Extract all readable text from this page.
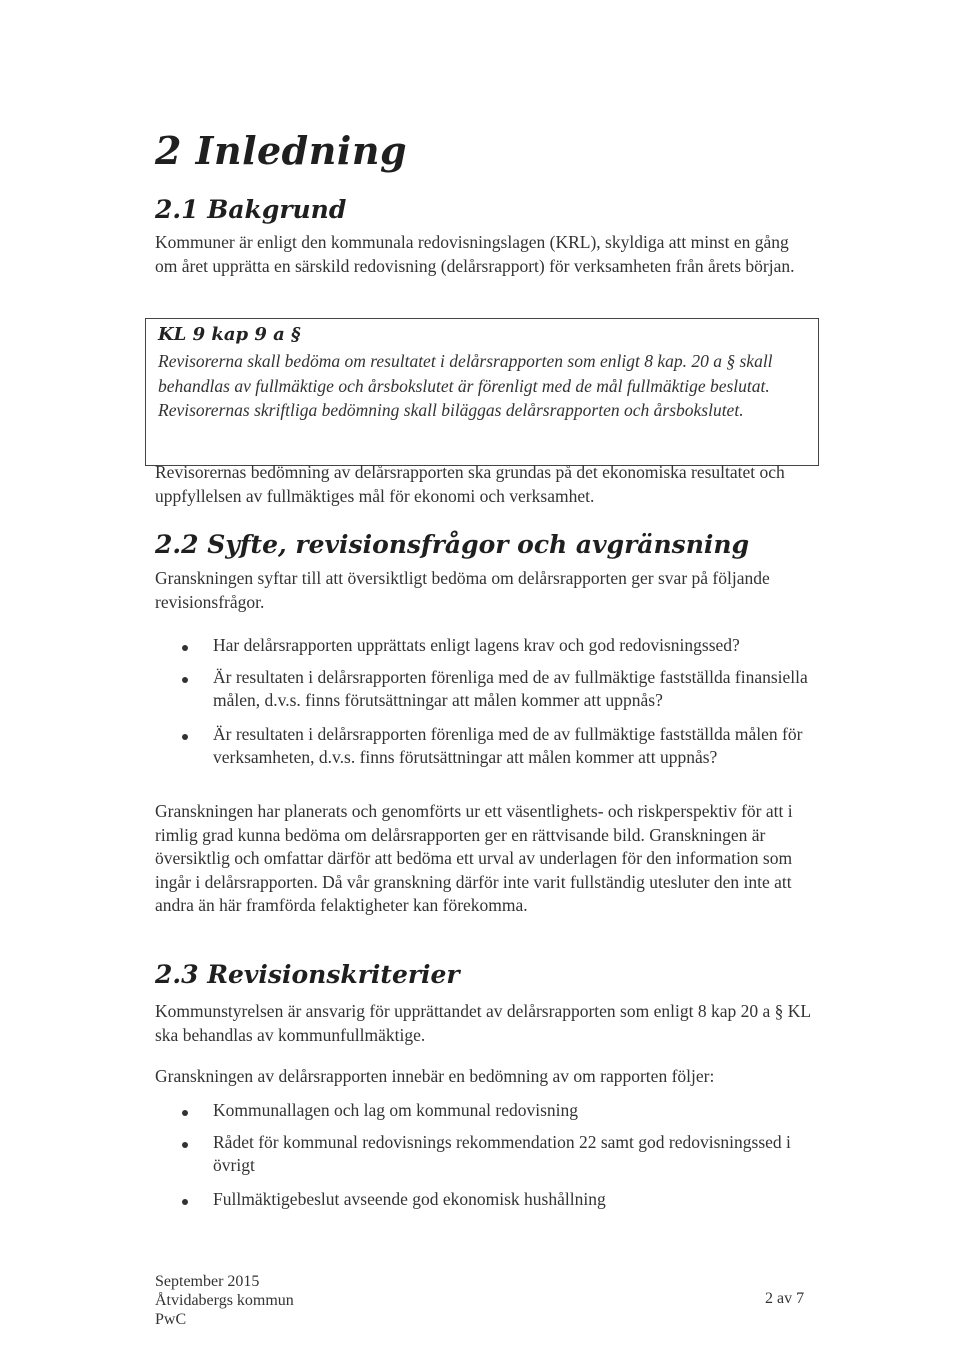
2 Inledning
2.1 Bakgrund

Kommuner är enligt den kommunala redovisningslagen (KRL), skyldiga att minst en gång om året upprätta en särskild redovisning (delårsrapport) för verksamheten från årets början.

KL 9 kap 9 a §

Revisorerna skall bedöma om resultatet i delårsrapporten som enligt 8 kap. 20 a § skall behandlas av fullmäktige och årsbokslutet är förenligt med de mål fullmäktige beslutat. Revisorernas skriftliga bedömning skall biläggas delårsrapporten och årsbokslutet.

Revisorernas bedömning av delårsrapporten ska grundas på det ekonomiska resultatet och uppfyllelsen av fullmäktiges mål för ekonomi och verksamhet.

2.2 Syfte, revisionsfrågor och avgränsning

Granskningen syftar till att översiktligt bedöma om delårsrapporten ger svar på följande revisionsfrågor.

Har delårsrapporten upprättats enligt lagens krav och god redovisningssed?
Är resultaten i delårsrapporten förenliga med de av fullmäktige fastställda finansiella målen, d.v.s. finns förutsättningar att målen kommer att uppnås?
Är resultaten i delårsrapporten förenliga med de av fullmäktige fastställda målen för verksamheten, d.v.s. finns förutsättningar att målen kommer att uppnås?

Granskningen har planerats och genomförts ur ett väsentlighets- och riskperspektiv för att i rimlig grad kunna bedöma om delårsrapporten ger en rättvisande bild. Granskningen är översiktlig och omfattar därför att bedöma ett urval av underlagen för den information som ingår i delårsrapporten. Då vår granskning därför inte varit fullständig utesluter den inte att andra än här framförda felaktigheter kan förekomma.

2.3 Revisionskriterier

Kommunstyrelsen är ansvarig för upprättandet av delårsrapporten som enligt 8 kap 20 a § KL ska behandlas av kommunfullmäktige.

Granskningen av delårsrapporten innebär en bedömning av om rapporten följer:

Kommunallagen och lag om kommunal redovisning
Rådet för kommunal redovisnings rekommendation 22 samt god redovisningssed i övrigt
Fullmäktigebeslut avseende god ekonomisk hushållning
September 2015
Åtvidabergs kommun
PwC
2 av 7
